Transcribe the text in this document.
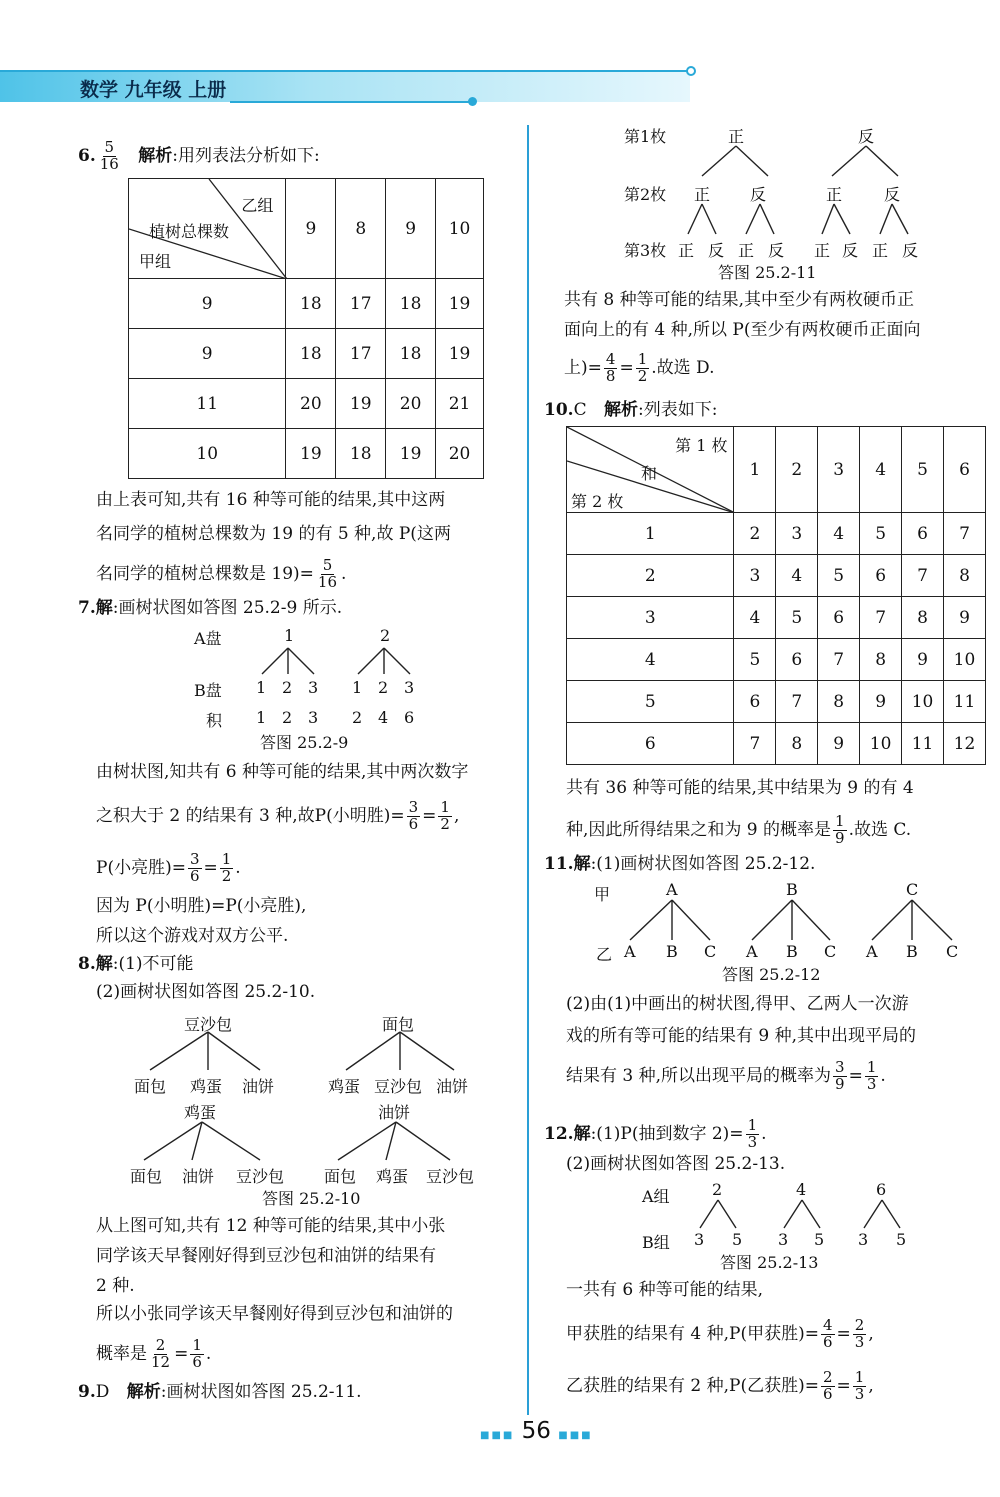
数学 九年级 上册
6. $\frac{5}{16}$ 解析:用列表法分析如下:
乙组
植树总棵数
甲组	9	8	9	10
9	18	17	18	19
9	18	17	18	19
11	20	19	20	21
10	19	18	19	20
由上表可知,共有 16 种等可能的结果,其中这两
名同学的植树总棵数为 19 的有 5 种,故 P(这两
名同学的植树总棵数是 $19)= \frac{5}{16}$ .
7.解:画树状图如答图 25.2-9 所示.
A盘
B盘
积
1	2
1 2 3 1 2 3
1 2 3 2 4 6
答图 25.2-9
由树状图,知共有 6 种等可能的结果,其中两次数字
之积大于 2 的结果有 3 种,故P(小明胜)= $\frac{3}{6} = \frac{1}{2}$ ,
P(小亮胜)= $\frac{3}{6} = \frac{1}{2}$ .
因为 P(小明胜)=P(小亮胜),
所以这个游戏对双方公平.
8.解:(1)不可能
(2)画树状图如答图 25.2-10.
豆沙包	面包
面包 鸡蛋 油饼	鸡蛋 豆沙包 油饼
鸡蛋	油饼
面包 油饼 豆沙包 面包 鸡蛋 豆沙包
答图 25.2-10
从上图可知,共有 12 种等可能的结果,其中小张
同学该天早餐刚好得到豆沙包和油饼的结果有
2 种.
所以小张同学该天早餐刚好得到豆沙包和油饼的
概率是 $\frac{2}{12} = \frac{1}{6}$ .
9.D 解析:画树状图如答图 25.2-11.
第1枚
第2枚
第3枚
正	反
正 反	正	反
正 反 正 反 正 反 正 反
答图 25.2-11
共有 8 种等可能的结果,其中至少有两枚硬币正
面向上的有 4 种,所以 P(至少有两枚硬币正面向
上)= $\frac{4}{8} = \frac{1}{2}$ .故选 D.
10.C 解析:列表如下:
第 1 枚
和
第 2 枚	1	2	3	4	5	6
1	2	3	4	5	6	7
2	3	4	5	6	7	8
3	4	5	6	7	8	9
4	5	6	7	8	9	10
5	6	7	8	9	10	11
6	7	8	9	10	11	12
共有 36 种等可能的结果,其中结果为 9 的有 4
种,因此所得结果之和为 9 的概率是 $\frac{1}{9}$ .故选 C.
11.解:(1)画树状图如答图 25.2-12.
甲
乙
A	B	C
A B C A B C A B C
答图 25.2-12
(2)由(1)中画出的树状图,得甲、乙两人一次游
戏的所有等可能的结果有 9 种,其中出现平局的
结果有 3 种,所以出现平局的概率为 $\frac{3}{9} = \frac{1}{3}$ .
12.解:(1)P(抽到数字 $2)= \frac{1}{3}$ .
(2)画树状图如答图 25.2-13.
A组
B组
2	4	6
3 5 3 5 3 5
答图 25.2-13
一共有 6 种等可能的结果,
甲获胜的结果有 4 种,P(甲获胜)= $\frac{4}{6} = \frac{2}{3}$ ,
乙获胜的结果有 2 种,P(乙获胜)= $\frac{2}{6} = \frac{1}{3}$ ,
■■■ 56 ■■■
